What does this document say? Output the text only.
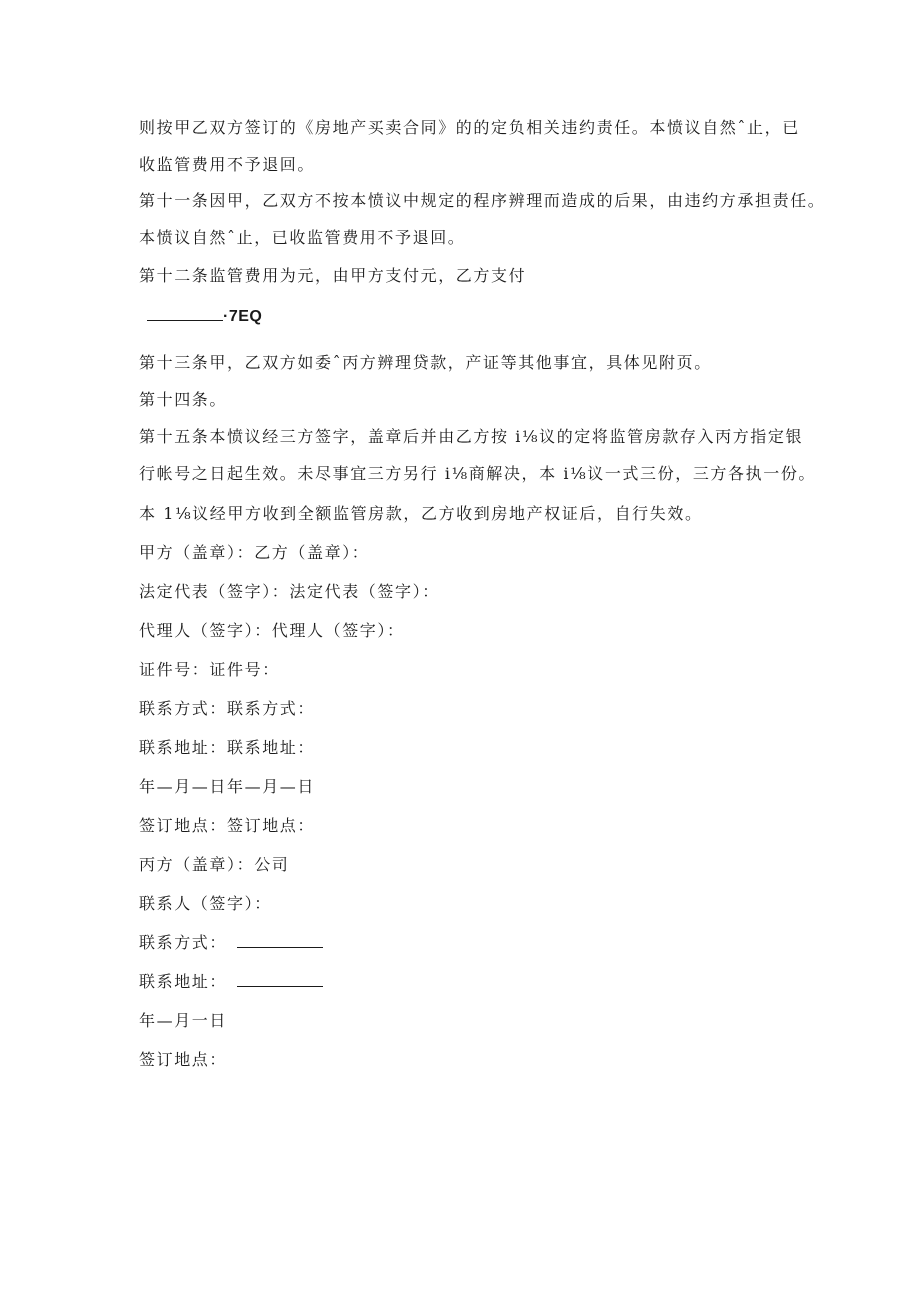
则按甲乙双方签订的《房地产买卖合同》的的定负相关违约责任。本愤议自然ˆ止，已
收监管费用不予退回。
第十一条因甲，乙双方不按本愤议中规定的程序辨理而造成的后果，由违约方承担责任。
本愤议自然ˆ止，已收监管费用不予退回。
第十二条监管费用为元，由甲方支付元，乙方支付
·7EQ
第十三条甲，乙双方如委ˆ丙方辨理贷款，产证等其他事宜，具体见附页。
第十四条。
第十五条本愤议经三方签字，盖章后并由乙方按 i⅛议的定将监管房款存入丙方指定银
行帐号之日起生效。未尽事宜三方另行 i⅛商解决，本 i⅛议一式三份，三方各执一份。
本 1⅛议经甲方收到全额监管房款，乙方收到房地产权证后，自行失效。
甲方（盖章）：乙方（盖章）：
法定代表（签字）：法定代表（签字）：
代理人（签字）：代理人（签字）：
证件号：证件号：
联系方式：联系方式：
联系地址：联系地址：
年—月—日年—月—日
签订地点：签订地点：
丙方（盖章）：公司
联系人（签字）：
联系方式：
联系地址：
年—月一日
签订地点：
